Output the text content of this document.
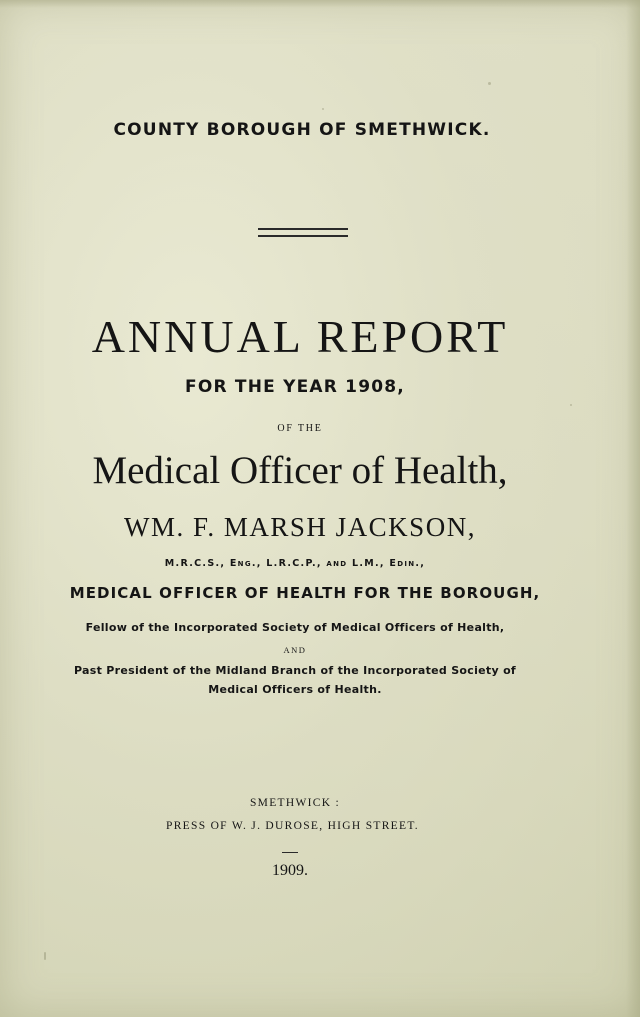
COUNTY BOROUGH OF SMETHWICK.
ANNUAL REPORT
FOR THE YEAR 1908,
OF THE
Medical Officer of Health,
WM. F. MARSH JACKSON,
M.R.C.S., Eng., L.R.C.P., and L.M., Edin.,
MEDICAL OFFICER OF HEALTH FOR THE BOROUGH,
Fellow of the Incorporated Society of Medical Officers of Health,
AND
Past President of the Midland Branch of the Incorporated Society of
Medical Officers of Health.
SMETHWICK :
PRESS OF W. J. DUROSE, HIGH STREET.
1909.
